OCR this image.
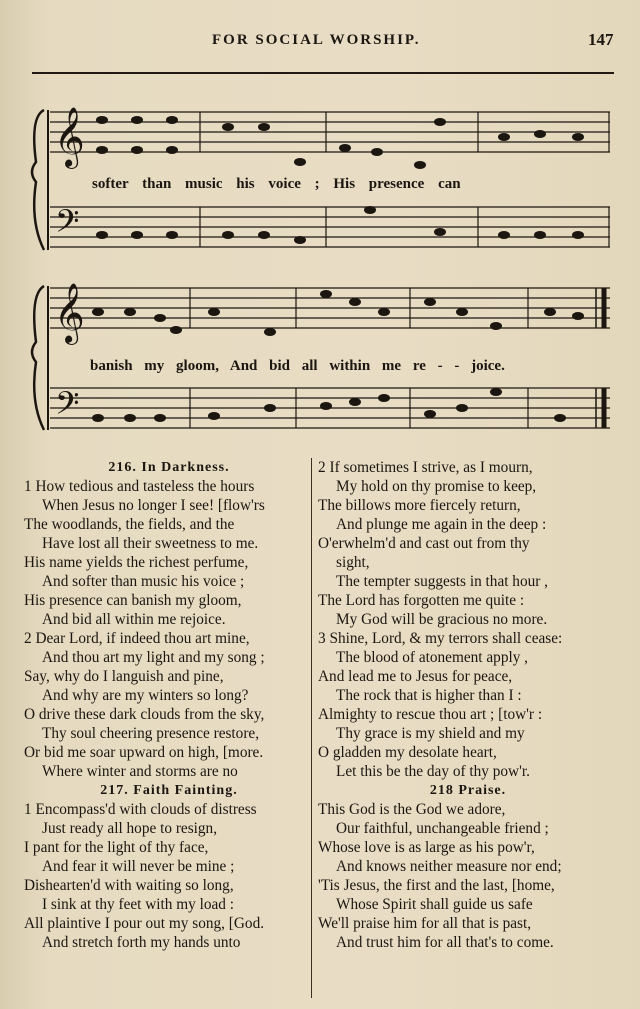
FOR SOCIAL WORSHIP.	147
𝄞
𝄢
softer than music his voice ; His presence can
𝄞
𝄢
banish my gloom, And bid all within me re - - joice.
216. In Darkness.
1 How tedious and tasteless the hours
When Jesus no longer I see! [flow'rs
The woodlands, the fields, and the
Have lost all their sweetness to me.
His name yields the richest perfume,
And softer than music his voice ;
His presence can banish my gloom,
And bid all within me rejoice.
2 Dear Lord, if indeed thou art mine,
And thou art my light and my song ;
Say, why do I languish and pine,
And why are my winters so long?
O drive these dark clouds from the sky,
Thy soul cheering presence restore,
Or bid me soar upward on high, [more.
Where winter and storms are no
217. Faith Fainting.
1 Encompass'd with clouds of distress
Just ready all hope to resign,
I pant for the light of thy face,
And fear it will never be mine ;
Dishearten'd with waiting so long,
I sink at thy feet with my load :
All plaintive I pour out my song, [God.
And stretch forth my hands unto
2 If sometimes I strive, as I mourn,
My hold on thy promise to keep,
The billows more fiercely return,
And plunge me again in the deep :
O'erwhelm'd and cast out from thy
sight,
The tempter suggests in that hour ,
The Lord has forgotten me quite :
My God will be gracious no more.
3 Shine, Lord, & my terrors shall cease:
The blood of atonement apply ,
And lead me to Jesus for peace,
The rock that is higher than I :
Almighty to rescue thou art ; [tow'r :
Thy grace is my shield and my
O gladden my desolate heart,
Let this be the day of thy pow'r.
218 Praise.
This God is the God we adore,
Our faithful, unchangeable friend ;
Whose love is as large as his pow'r,
And knows neither measure nor end;
'Tis Jesus, the first and the last, [home,
Whose Spirit shall guide us safe
We'll praise him for all that is past,
And trust him for all that's to come.
